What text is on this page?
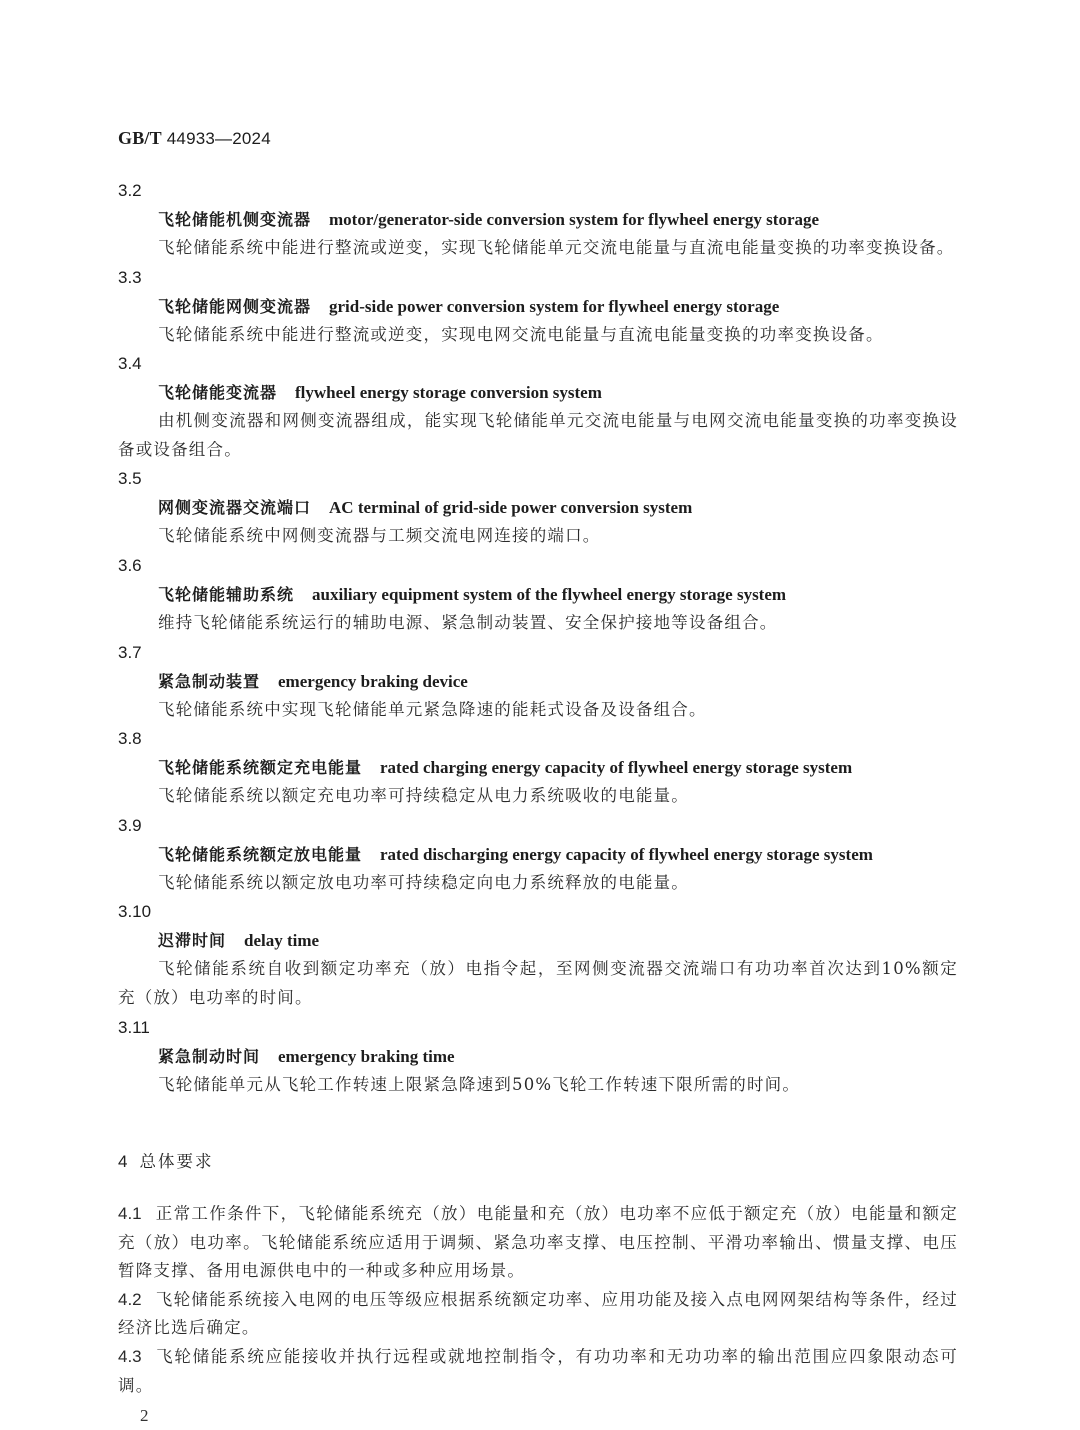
GB/T 44933—2024
3.2
飞轮储能机侧变流器 motor/generator-side conversion system for flywheel energy storage

飞轮储能系统中能进行整流或逆变，实现飞轮储能单元交流电能量与直流电能量变换的功率变换设备。

3.3
飞轮储能网侧变流器 grid-side power conversion system for flywheel energy storage

飞轮储能系统中能进行整流或逆变，实现电网交流电能量与直流电能量变换的功率变换设备。

3.4
飞轮储能变流器 flywheel energy storage conversion system

由机侧变流器和网侧变流器组成，能实现飞轮储能单元交流电能量与电网交流电能量变换的功率变换设备或设备组合。

3.5
网侧变流器交流端口 AC terminal of grid-side power conversion system

飞轮储能系统中网侧变流器与工频交流电网连接的端口。

3.6
飞轮储能辅助系统 auxiliary equipment system of the flywheel energy storage system

维持飞轮储能系统运行的辅助电源、紧急制动装置、安全保护接地等设备组合。

3.7
紧急制动装置 emergency braking device

飞轮储能系统中实现飞轮储能单元紧急降速的能耗式设备及设备组合。

3.8
飞轮储能系统额定充电能量 rated charging energy capacity of flywheel energy storage system

飞轮储能系统以额定充电功率可持续稳定从电力系统吸收的电能量。

3.9
飞轮储能系统额定放电能量 rated discharging energy capacity of flywheel energy storage system

飞轮储能系统以额定放电功率可持续稳定向电力系统释放的电能量。

3.10
迟滞时间 delay time

飞轮储能系统自收到额定功率充（放）电指令起，至网侧变流器交流端口有功功率首次达到10%额定充（放）电功率的时间。

3.11
紧急制动时间 emergency braking time

飞轮储能单元从飞轮工作转速上限紧急降速到50%飞轮工作转速下限所需的时间。

4 总体要求

4.1 正常工作条件下，飞轮储能系统充（放）电能量和充（放）电功率不应低于额定充（放）电能量和额定充（放）电功率。飞轮储能系统应适用于调频、紧急功率支撑、电压控制、平滑功率输出、惯量支撑、电压暂降支撑、备用电源供电中的一种或多种应用场景。

4.2 飞轮储能系统接入电网的电压等级应根据系统额定功率、应用功能及接入点电网网架结构等条件，经过经济比选后确定。

4.3 飞轮储能系统应能接收并执行远程或就地控制指令，有功功率和无功功率的输出范围应四象限动态可调。

2
